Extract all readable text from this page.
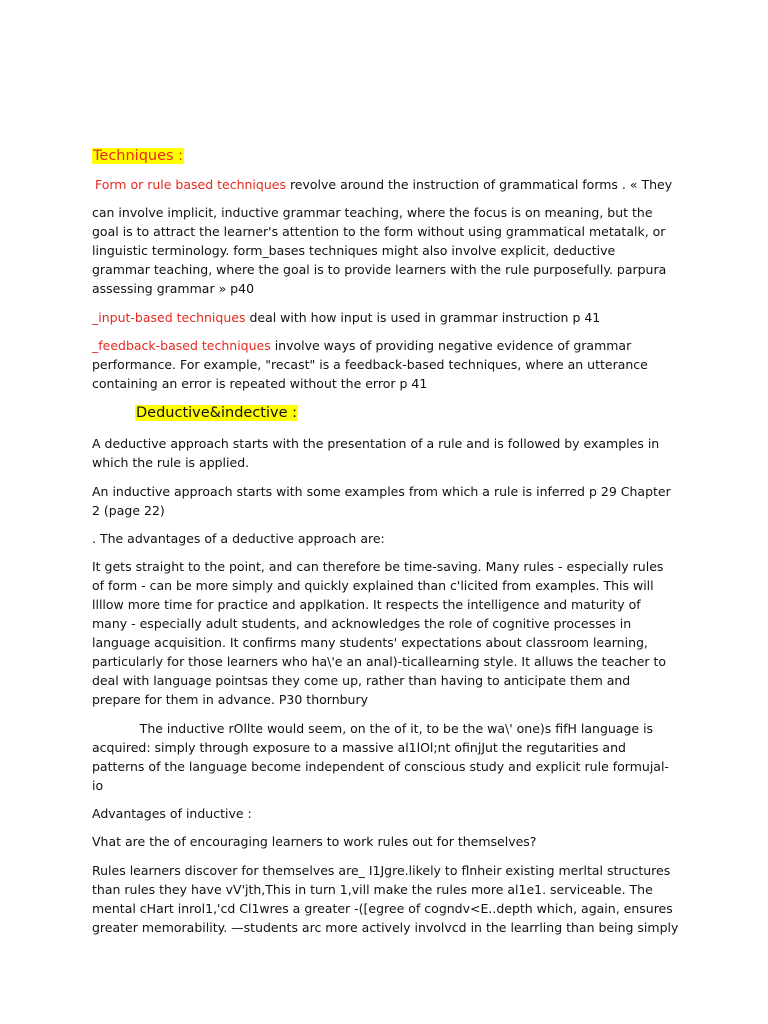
Techniques :
Form or rule based techniques revolve around the instruction of grammatical forms . « They
can involve implicit, inductive grammar teaching, where the focus is on meaning, but the
goal is to attract the learner's attention to the form without using grammatical metatalk, or
linguistic terminology. form_bases techniques might also involve explicit, deductive
grammar teaching, where the goal is to provide learners with the rule purposefully. parpura
assessing grammar » p40
_input-based techniques deal with how input is used in grammar instruction p 41
_feedback-based techniques involve ways of providing negative evidence of grammar
performance. For example, "recast" is a feedback-based techniques, where an utterance
containing an error is repeated without the error p 41
Deductive&indective :
A deductive approach starts with the presentation of a rule and is followed by examples in
which the rule is applied.
An inductive approach starts with some examples from which a rule is inferred p 29 Chapter
2 (page 22)
. The advantages of a deductive approach are:
It gets straight to the point, and can therefore be time-saving. Many rules - especially rules
of form - can be more simply and quickly explained than c'licited from examples. This will
llllow more time for practice and applkation. It respects the intelligence and maturity of
many - especially adult students, and acknowledges the role of cognitive processes in
language acquisition. It confirms many students' expectations about classroom learning,
particularly for those learners who ha\'e an anal)-ticallearning style. It alluws the teacher to
deal with language pointsas they come up, rather than having to anticipate them and
prepare for them in advance. P30 thornbury
The inductive rOllte would seem, on the of it, to be the wa\' one)s fifH language is
acquired: simply through exposure to a massive al1lOl;nt ofinjJut the regutarities and
patterns of the language become independent of conscious study and explicit rule formujal-
io
Advantages of inductive :
Vhat are the of encouraging learners to work rules out for themselves?
Rules learners discover for themselves are_ I1Jgre.likely to flnheir existing merltal structures
than rules they have vV'jth,This in turn 1,vill make the rules more al1e1. serviceable. The
mental cHart inrol1,'cd Cl1wres a greater -([egree of cogndv<E..depth which, again, ensures
greater memorability. —students arc more actively involvcd in the learrling than being simply
